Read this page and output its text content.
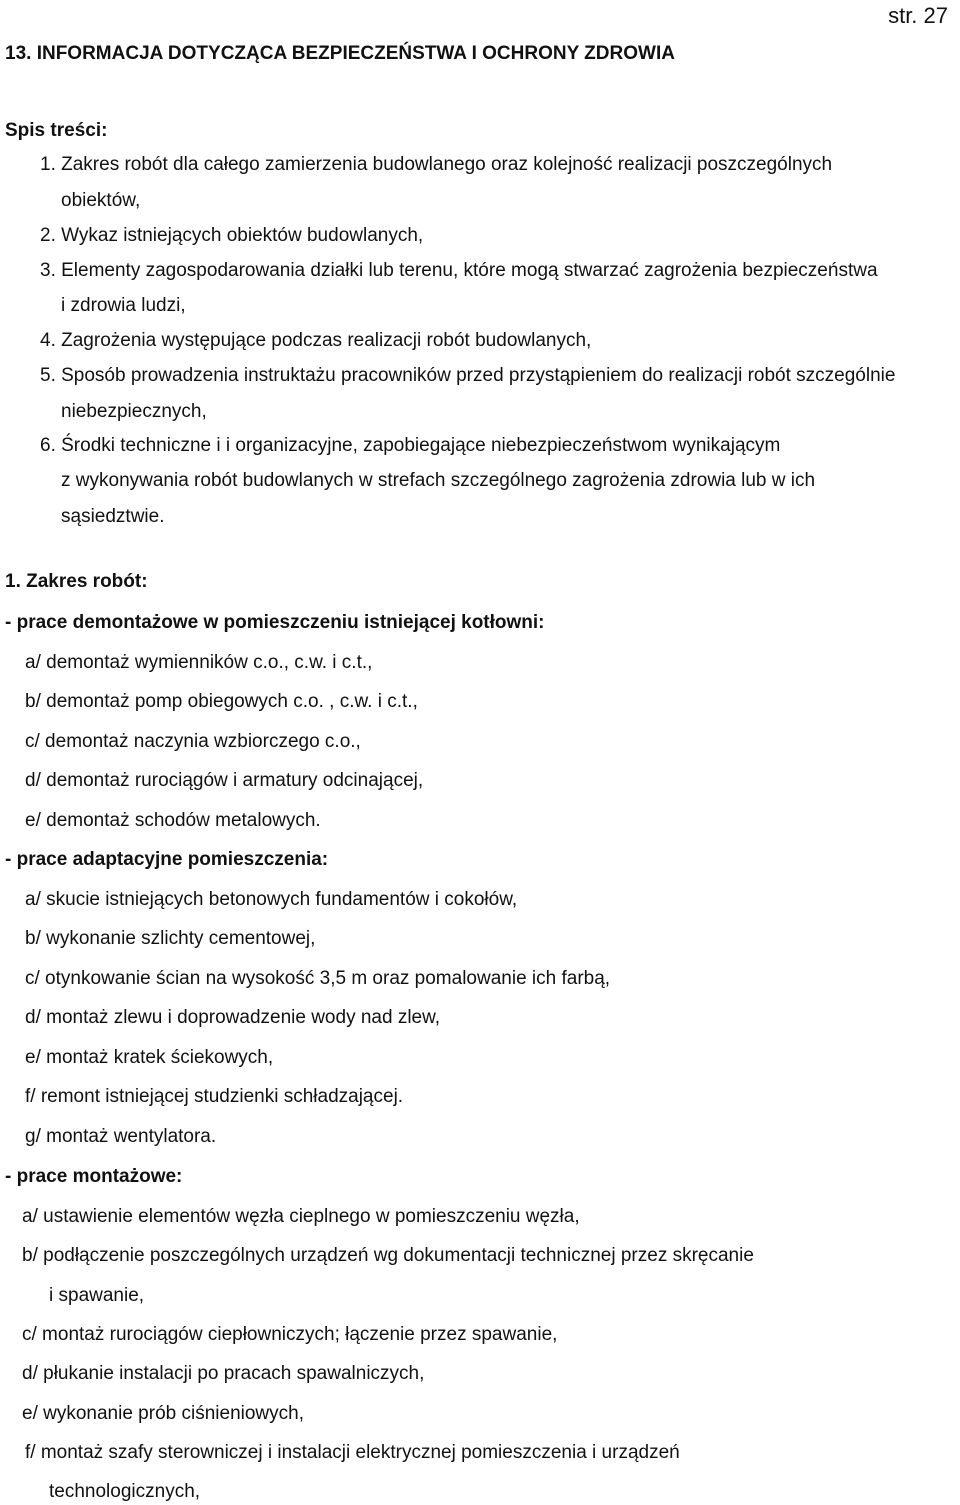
str. 27
13. INFORMACJA DOTYCZĄCA BEZPIECZEŃSTWA I OCHRONY ZDROWIA
Spis treści:
1. Zakres robót dla całego zamierzenia budowlanego oraz kolejność realizacji poszczególnych
obiektów,
2. Wykaz istniejących obiektów budowlanych,
3. Elementy zagospodarowania działki lub terenu, które mogą stwarzać zagrożenia bezpieczeństwa
i zdrowia ludzi,
4. Zagrożenia występujące podczas realizacji robót budowlanych,
5. Sposób prowadzenia instruktażu pracowników przed przystąpieniem do realizacji robót szczególnie
niebezpiecznych,
6. Środki techniczne i i organizacyjne, zapobiegające niebezpieczeństwom wynikającym
z wykonywania robót budowlanych w strefach szczególnego zagrożenia zdrowia lub w ich
sąsiedztwie.
1. Zakres robót:
- prace demontażowe w pomieszczeniu istniejącej kotłowni:
a/ demontaż wymienników c.o., c.w. i c.t.,
b/ demontaż pomp obiegowych c.o. , c.w. i c.t.,
c/ demontaż naczynia wzbiorczego c.o.,
d/ demontaż rurociągów i armatury odcinającej,
e/ demontaż schodów metalowych.
- prace adaptacyjne pomieszczenia:
a/ skucie istniejących betonowych fundamentów i cokołów,
b/ wykonanie szlichty cementowej,
c/ otynkowanie ścian na wysokość 3,5 m oraz pomalowanie ich farbą,
d/ montaż zlewu i doprowadzenie wody nad zlew,
e/ montaż kratek ściekowych,
f/ remont istniejącej studzienki schładzającej.
g/ montaż wentylatora.
- prace montażowe:
a/ ustawienie elementów węzła cieplnego w pomieszczeniu węzła,
b/ podłączenie poszczególnych urządzeń wg dokumentacji technicznej przez skręcanie
i spawanie,
c/ montaż rurociągów ciepłowniczych; łączenie przez spawanie,
d/ płukanie instalacji po pracach spawalniczych,
e/ wykonanie prób ciśnieniowych,
f/ montaż szafy sterowniczej i instalacji elektrycznej pomieszczenia i urządzeń
technologicznych,
